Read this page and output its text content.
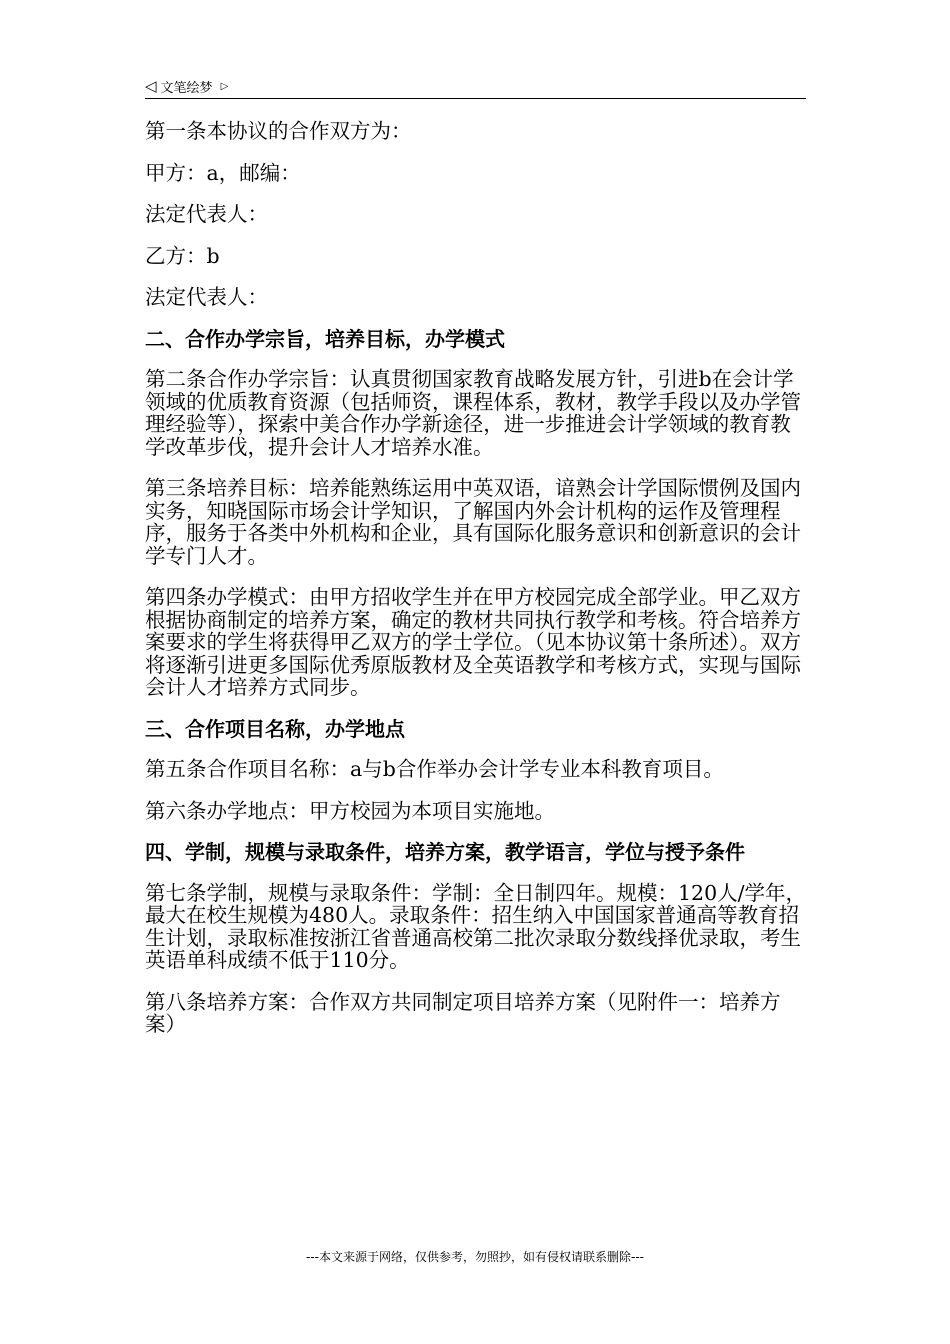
◁ 文笔绘梦 ▷
第一条本协议的合作双方为：
甲方：a，邮编：
法定代表人：
乙方：b
法定代表人：
二、合作办学宗旨，培养目标，办学模式
第二条合作办学宗旨：认真贯彻国家教育战略发展方针，引进b在会计学领域的优质教育资源（包括师资，课程体系，教材，教学手段以及办学管理经验等），探索中美合作办学新途径，进一步推进会计学领域的教育教学改革步伐，提升会计人才培养水准。
第三条培养目标：培养能熟练运用中英双语，谙熟会计学国际惯例及国内实务，知晓国际市场会计学知识，了解国内外会计机构的运作及管理程序，服务于各类中外机构和企业，具有国际化服务意识和创新意识的会计学专门人才。
第四条办学模式：由甲方招收学生并在甲方校园完成全部学业。甲乙双方根据协商制定的培养方案，确定的教材共同执行教学和考核。符合培养方案要求的学生将获得甲乙双方的学士学位。（见本协议第十条所述）。双方将逐渐引进更多国际优秀原版教材及全英语教学和考核方式，实现与国际会计人才培养方式同步。
三、合作项目名称，办学地点
第五条合作项目名称：a与b合作举办会计学专业本科教育项目。
第六条办学地点：甲方校园为本项目实施地。
四、学制，规模与录取条件，培养方案，教学语言，学位与授予条件
第七条学制，规模与录取条件：学制：全日制四年。规模：120人/学年，最大在校生规模为480人。录取条件：招生纳入中国国家普通高等教育招生计划，录取标准按浙江省普通高校第二批次录取分数线择优录取，考生英语单科成绩不低于110分。
第八条培养方案：合作双方共同制定项目培养方案（见附件一：培养方案）
---本文来源于网络，仅供参考，勿照抄，如有侵权请联系删除---
